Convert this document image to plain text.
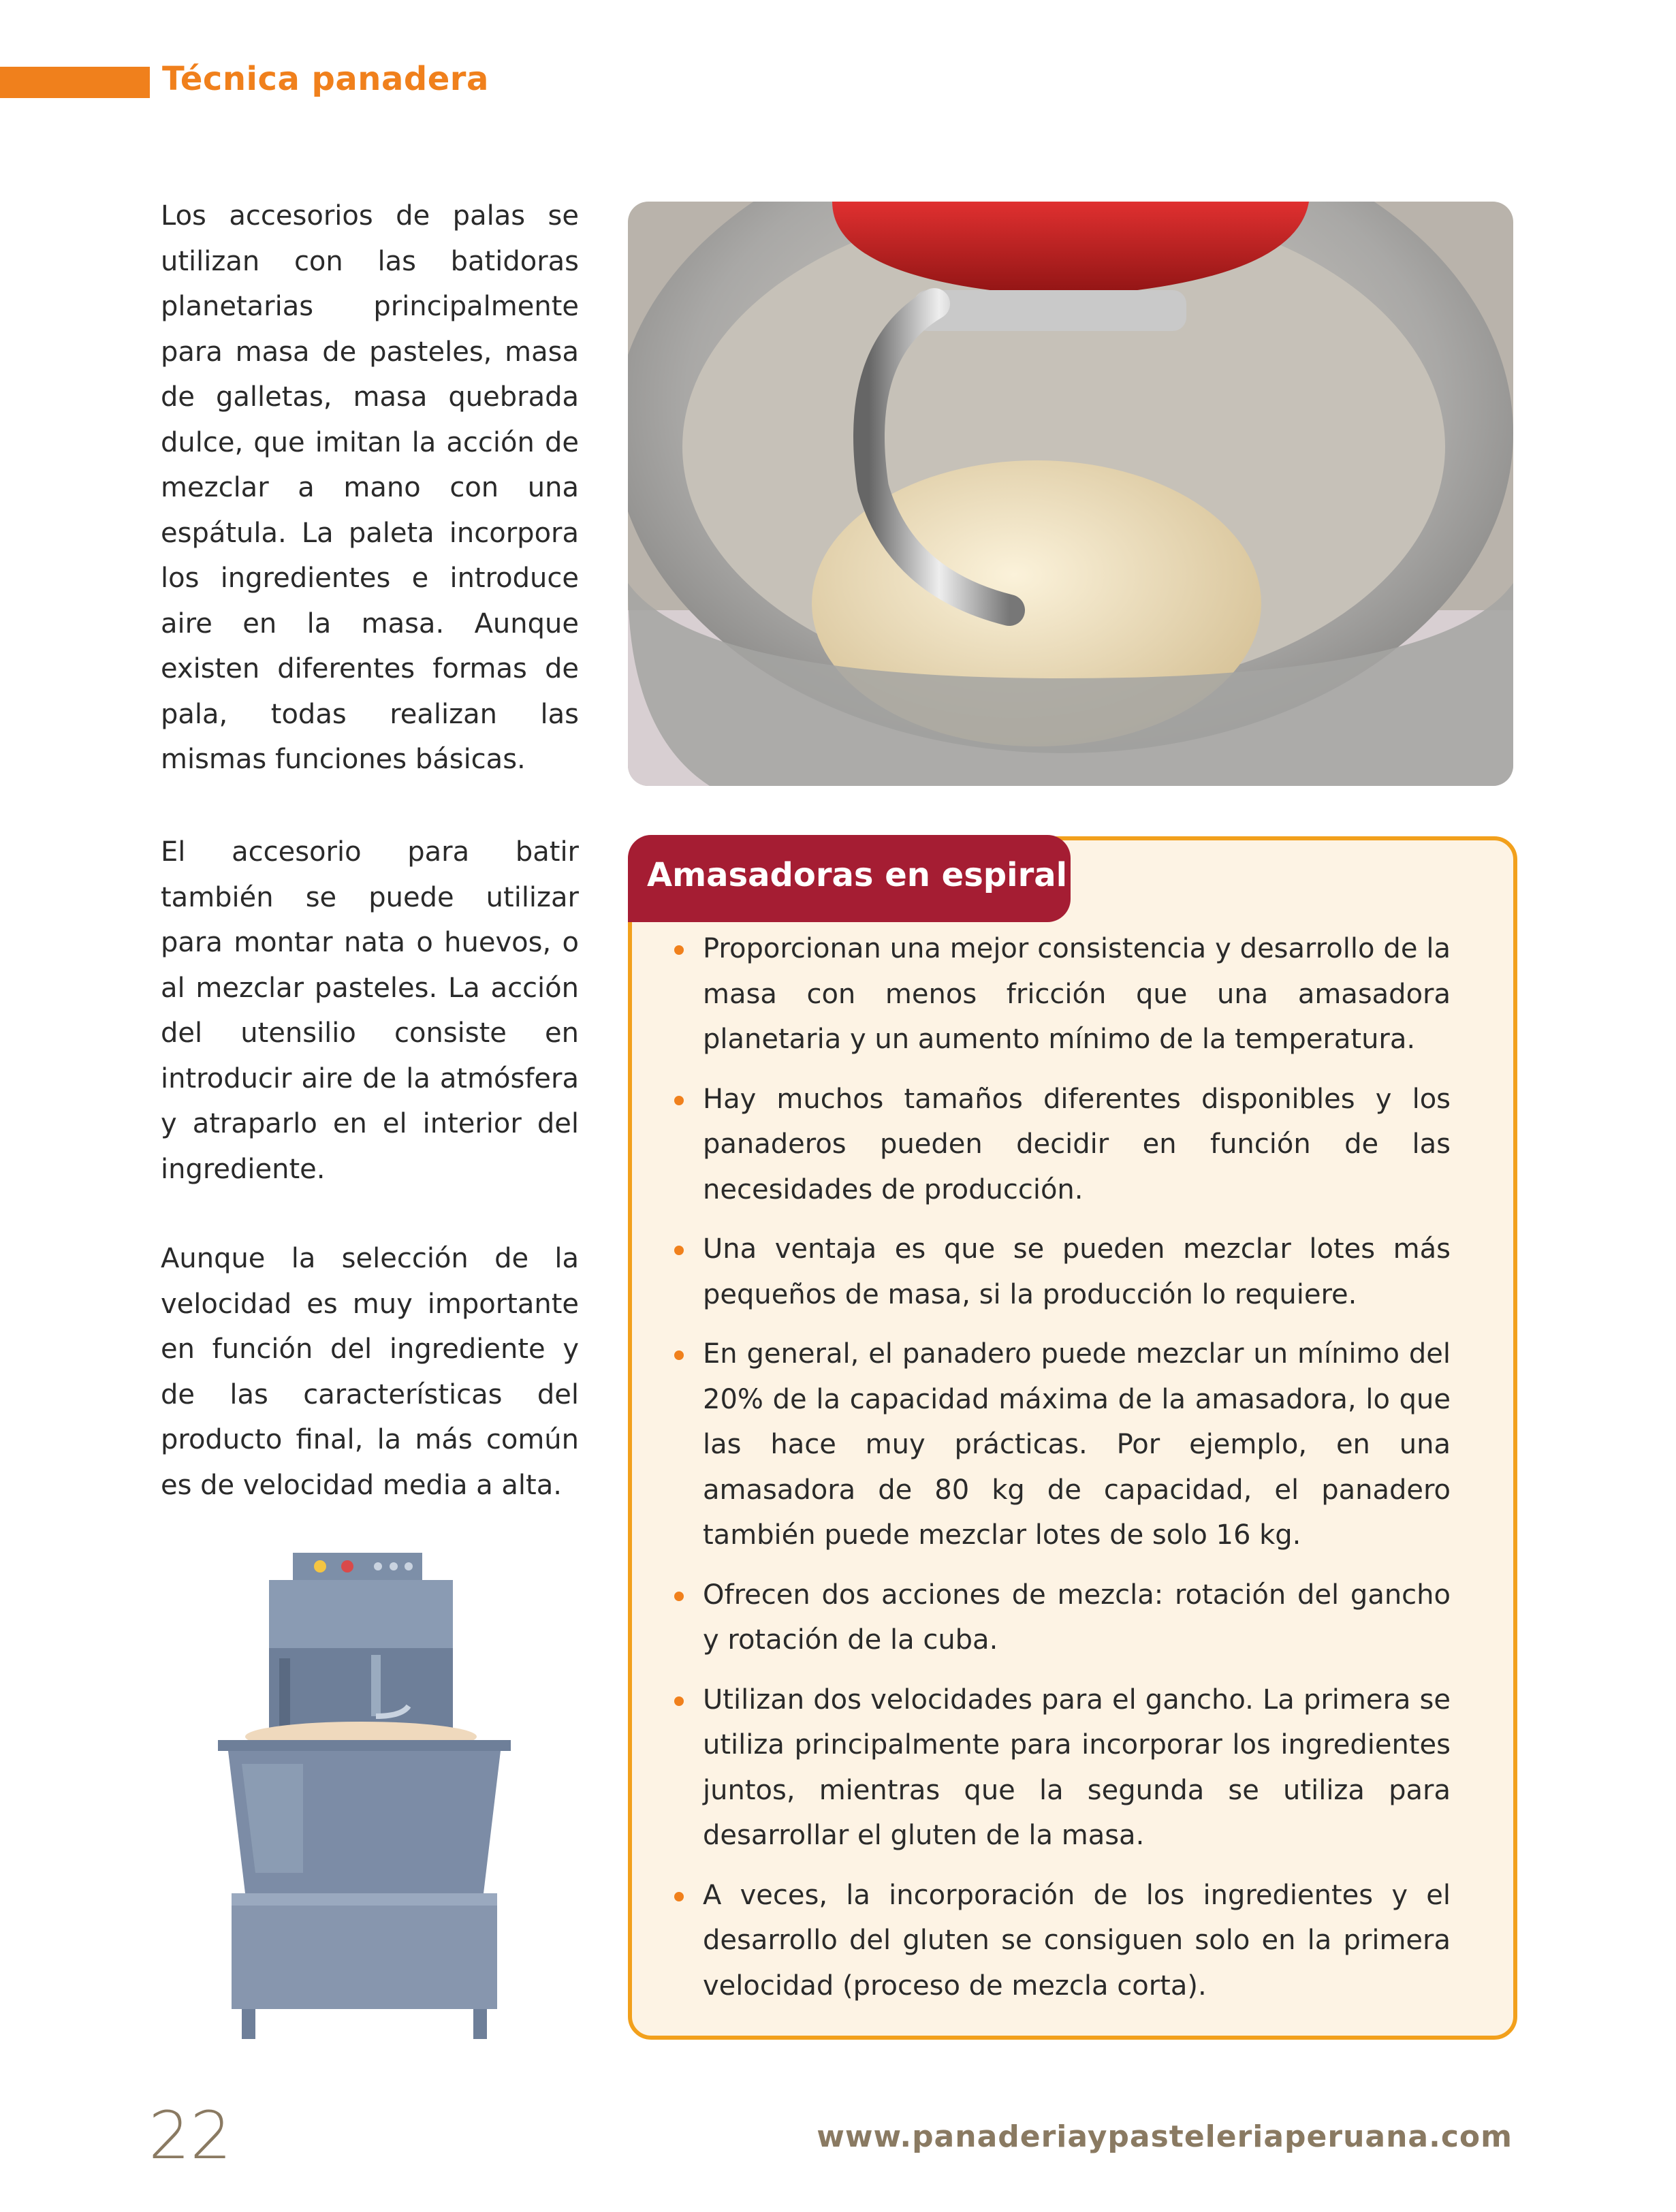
Técnica panadera

Los accesorios de palas se utilizan con las batidoras planetarias principalmente para masa de pasteles, masa de galletas, masa quebrada dulce, que imitan la acción de mezclar a mano con una espátula. La paleta incorpora los ingredientes e introduce aire en la masa. Aunque existen diferentes formas de pala, todas realizan las mismas funciones básicas.

El accesorio para batir también se puede utilizar para montar nata o huevos, o al mezclar pasteles. La acción del utensilio consiste en introducir aire de la atmósfera y atraparlo en el interior del ingrediente.

Aunque la selección de la velocidad es muy importante en función del ingrediente y de las características del producto final, la más común es de velocidad media a alta.

Amasadoras en espiral
Proporcionan una mejor consistencia y desarrollo de la masa con menos fricción que una amasadora planetaria y un aumento mínimo de la temperatura.
Hay muchos tamaños diferentes disponibles y los panaderos pueden decidir en función de las necesidades de producción.
Una ventaja es que se pueden mezclar lotes más pequeños de masa, si la producción lo requiere.
En general, el panadero puede mezclar un mínimo del 20% de la capacidad máxima de la amasadora, lo que las hace muy prácticas. Por ejemplo, en una amasadora de 80 kg de capacidad, el panadero también puede mezclar lotes de solo 16 kg.
Ofrecen dos acciones de mezcla: rotación del gancho y rotación de la cuba.
Utilizan dos velocidades para el gancho. La primera se utiliza principalmente para incorporar los ingredientes juntos, mientras que la segunda se utiliza para desarrollar el gluten de la masa.
A veces, la incorporación de los ingredientes y el desarrollo del gluten se consiguen solo en la primera velocidad (proceso de mezcla corta).
22	www.panaderiaypasteleriaperuana.com
